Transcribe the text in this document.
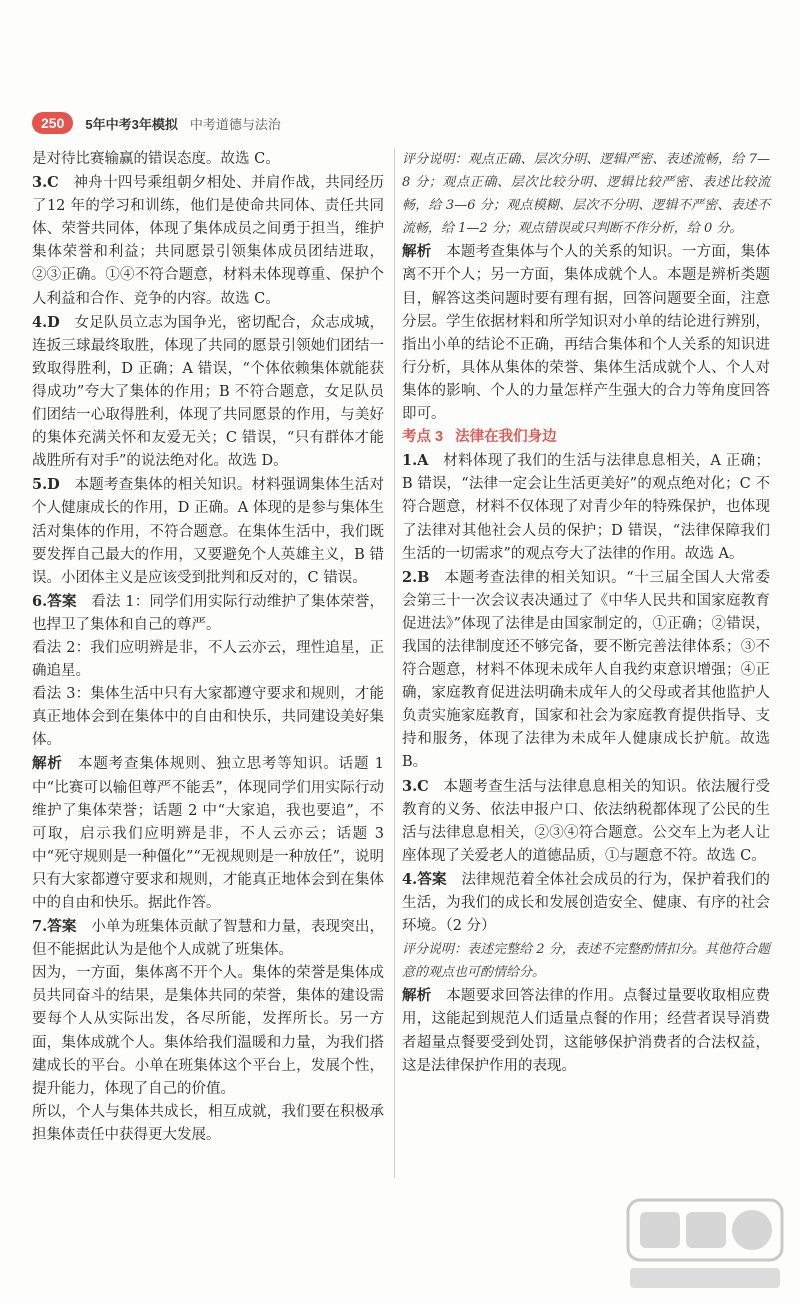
250	5年中考3年模拟 中考道德与法治

是对待比赛输赢的错误态度。故选 C。

3.C 神舟十四号乘组朝夕相处、并肩作战，共同经历了12 年的学习和训练，他们是使命共同体、责任共同体、荣誉共同体，体现了集体成员之间勇于担当，维护集体荣誉和利益；共同愿景引领集体成员团结进取，②③正确。①④不符合题意，材料未体现尊重、保护个人利益和合作、竞争的内容。故选 C。

4.D 女足队员立志为国争光，密切配合，众志成城，连扳三球最终取胜，体现了共同的愿景引领她们团结一致取得胜利，D 正确；A 错误，“个体依赖集体就能获得成功”夸大了集体的作用；B 不符合题意，女足队员们团结一心取得胜利，体现了共同愿景的作用，与美好的集体充满关怀和友爱无关；C 错误，“只有群体才能战胜所有对手”的说法绝对化。故选 D。

5.D 本题考查集体的相关知识。材料强调集体生活对个人健康成长的作用，D 正确。A 体现的是参与集体生活对集体的作用，不符合题意。在集体生活中，我们既要发挥自己最大的作用，又要避免个人英雄主义，B 错误。小团体主义是应该受到批判和反对的，C 错误。

6.答案 看法 1：同学们用实际行动维护了集体荣誉，也捍卫了集体和自己的尊严。

看法 2：我们应明辨是非，不人云亦云，理性追星，正确追星。

看法 3：集体生活中只有大家都遵守要求和规则，才能真正地体会到在集体中的自由和快乐，共同建设美好集体。

解析 本题考查集体规则、独立思考等知识。话题 1 中“比赛可以输但尊严不能丢”，体现同学们用实际行动维护了集体荣誉；话题 2 中“大家追，我也要追”，不可取，启示我们应明辨是非，不人云亦云；话题 3 中“死守规则是一种僵化”“无视规则是一种放任”，说明只有大家都遵守要求和规则，才能真正地体会到在集体中的自由和快乐。据此作答。

7.答案 小单为班集体贡献了智慧和力量，表现突出，但不能据此认为是他个人成就了班集体。

因为，一方面，集体离不开个人。集体的荣誉是集体成员共同奋斗的结果，是集体共同的荣誉，集体的建设需要每个人从实际出发，各尽所能，发挥所长。另一方面，集体成就个人。集体给我们温暖和力量，为我们搭建成长的平台。小单在班集体这个平台上，发展个性，提升能力，体现了自己的价值。

所以，个人与集体共成长，相互成就，我们要在积极承担集体责任中获得更大发展。

评分说明：观点正确、层次分明、逻辑严密、表述流畅，给 7—8 分；观点正确、层次比较分明、逻辑比较严密、表述比较流畅，给 3—6 分；观点模糊、层次不分明、逻辑不严密、表述不流畅，给 1—2 分；观点错误或只判断不作分析，给 0 分。

解析 本题考查集体与个人的关系的知识。一方面，集体离不开个人；另一方面，集体成就个人。本题是辨析类题目，解答这类问题时要有理有据，回答问题要全面，注意分层。学生依据材料和所学知识对小单的结论进行辨别，指出小单的结论不正确，再结合集体和个人关系的知识进行分析，具体从集体的荣誉、集体生活成就个人、个人对集体的影响、个人的力量怎样产生强大的合力等角度回答即可。

考点 3 法律在我们身边

1.A 材料体现了我们的生活与法律息息相关，A 正确；B 错误，“法律一定会让生活更美好”的观点绝对化；C 不符合题意，材料不仅体现了对青少年的特殊保护，也体现了法律对其他社会人员的保护；D 错误，“法律保障我们生活的一切需求”的观点夸大了法律的作用。故选 A。

2.B 本题考查法律的相关知识。“十三届全国人大常委会第三十一次会议表决通过了《中华人民共和国家庭教育促进法》”体现了法律是由国家制定的，①正确；②错误，我国的法律制度还不够完备，要不断完善法律体系；③不符合题意，材料不体现未成年人自我约束意识增强；④正确，家庭教育促进法明确未成年人的父母或者其他监护人负责实施家庭教育，国家和社会为家庭教育提供指导、支持和服务，体现了法律为未成年人健康成长护航。故选 B。

3.C 本题考查生活与法律息息相关的知识。依法履行受教育的义务、依法申报户口、依法纳税都体现了公民的生活与法律息息相关，②③④符合题意。公交车上为老人让座体现了关爱老人的道德品质，①与题意不符。故选 C。

4.答案 法律规范着全体社会成员的行为，保护着我们的生活，为我们的成长和发展创造安全、健康、有序的社会环境。（2 分）

评分说明：表述完整给 2 分，表述不完整酌情扣分。其他符合题意的观点也可酌情给分。

解析 本题要求回答法律的作用。点餐过量要收取相应费用，这能起到规范人们适量点餐的作用；经营者误导消费者超量点餐要受到处罚，这能够保护消费者的合法权益，这是法律保护作用的表现。
